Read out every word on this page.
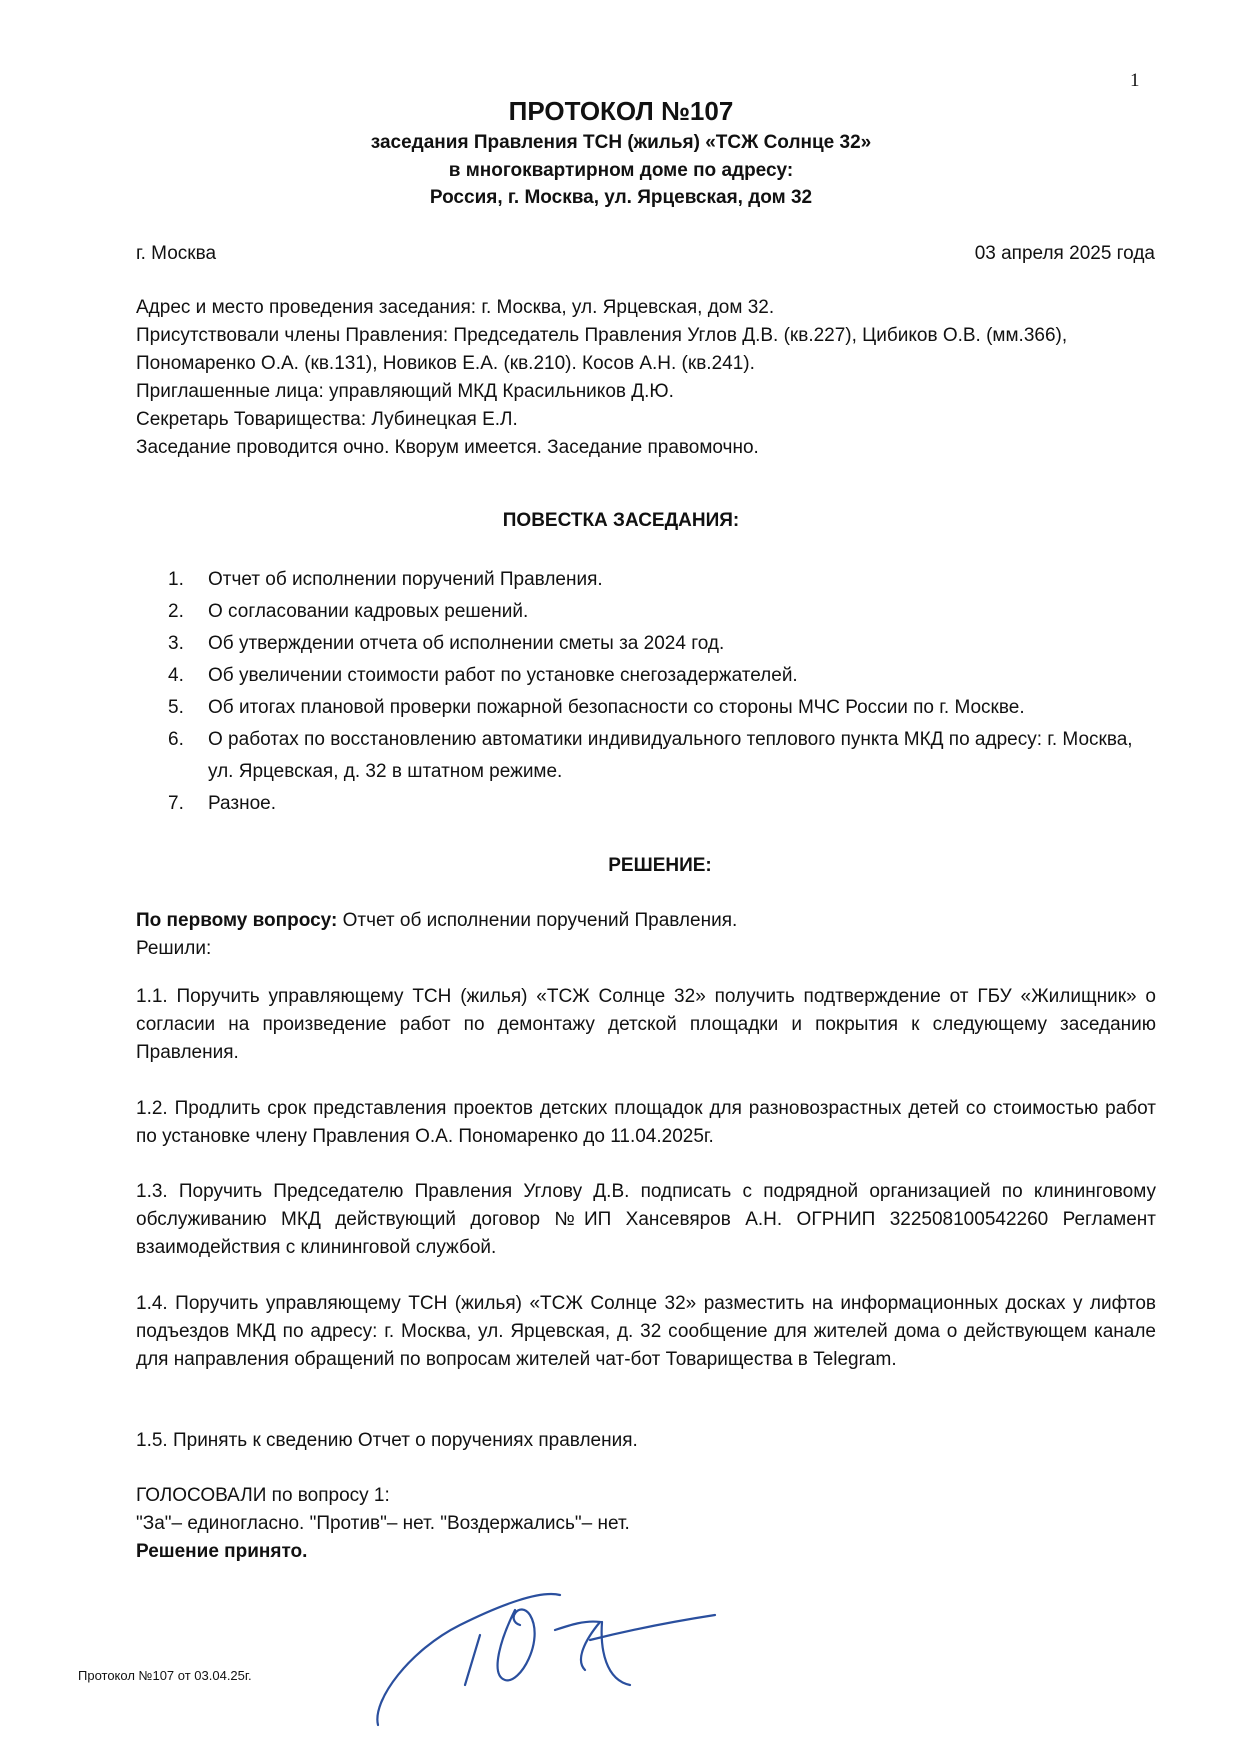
1
ПРОТОКОЛ №107
заседания Правления ТСН (жилья) «ТСЖ Солнце 32»
в многоквартирном доме по адресу:
Россия, г. Москва, ул. Ярцевская, дом 32
г. Москва	03 апреля 2025 года
Адрес и место проведения заседания: г. Москва, ул. Ярцевская, дом 32.
Присутствовали члены Правления: Председатель Правления Углов Д.В. (кв.227), Цибиков О.В. (мм.366),
Пономаренко О.А. (кв.131), Новиков Е.А. (кв.210). Косов А.Н. (кв.241).
Приглашенные лица: управляющий МКД Красильников Д.Ю.
Секретарь Товарищества: Лубинецкая Е.Л.
Заседание проводится очно. Кворум имеется. Заседание правомочно.
ПОВЕСТКА ЗАСЕДАНИЯ:
1. Отчет об исполнении поручений Правления.
2. О согласовании кадровых решений.
3. Об утверждении отчета об исполнении сметы за 2024 год.
4. Об увеличении стоимости работ по установке снегозадержателей.
5. Об итогах плановой проверки пожарной безопасности со стороны МЧС России по г. Москве.
6. О работах по восстановлению автоматики индивидуального теплового пункта МКД по адресу: г. Москва, ул. Ярцевская, д. 32 в штатном режиме.
7. Разное.
РЕШЕНИЕ:
По первому вопросу: Отчет об исполнении поручений Правления.
Решили:
1.1. Поручить управляющему ТСН (жилья) «ТСЖ Солнце 32» получить подтверждение от ГБУ «Жилищник» о согласии на произведение работ по демонтажу детской площадки и покрытия к следующему заседанию Правления.
1.2. Продлить срок представления проектов детских площадок для разновозрастных детей со стоимостью работ по установке члену Правления О.А. Пономаренко до 11.04.2025г.
1.3. Поручить Председателю Правления Углову Д.В. подписать с подрядной организацией по клининговому обслуживанию МКД действующий договор №ИП Хансевяров А.Н. ОГРНИП 322508100542260 Регламент взаимодействия с клининговой службой.
1.4. Поручить управляющему ТСН (жилья) «ТСЖ Солнце 32» разместить на информационных досках у лифтов подъездов МКД по адресу: г. Москва, ул. Ярцевская, д. 32 сообщение для жителей дома о действующем канале для направления обращений по вопросам жителей чат-бот Товарищества в Telegram.
1.5. Принять к сведению Отчет о поручениях правления.
ГОЛОСОВАЛИ по вопросу 1:
"За"– единогласно. "Против"– нет. "Воздержались"– нет.
Решение принято.
Протокол №107 от 03.04.25г.
